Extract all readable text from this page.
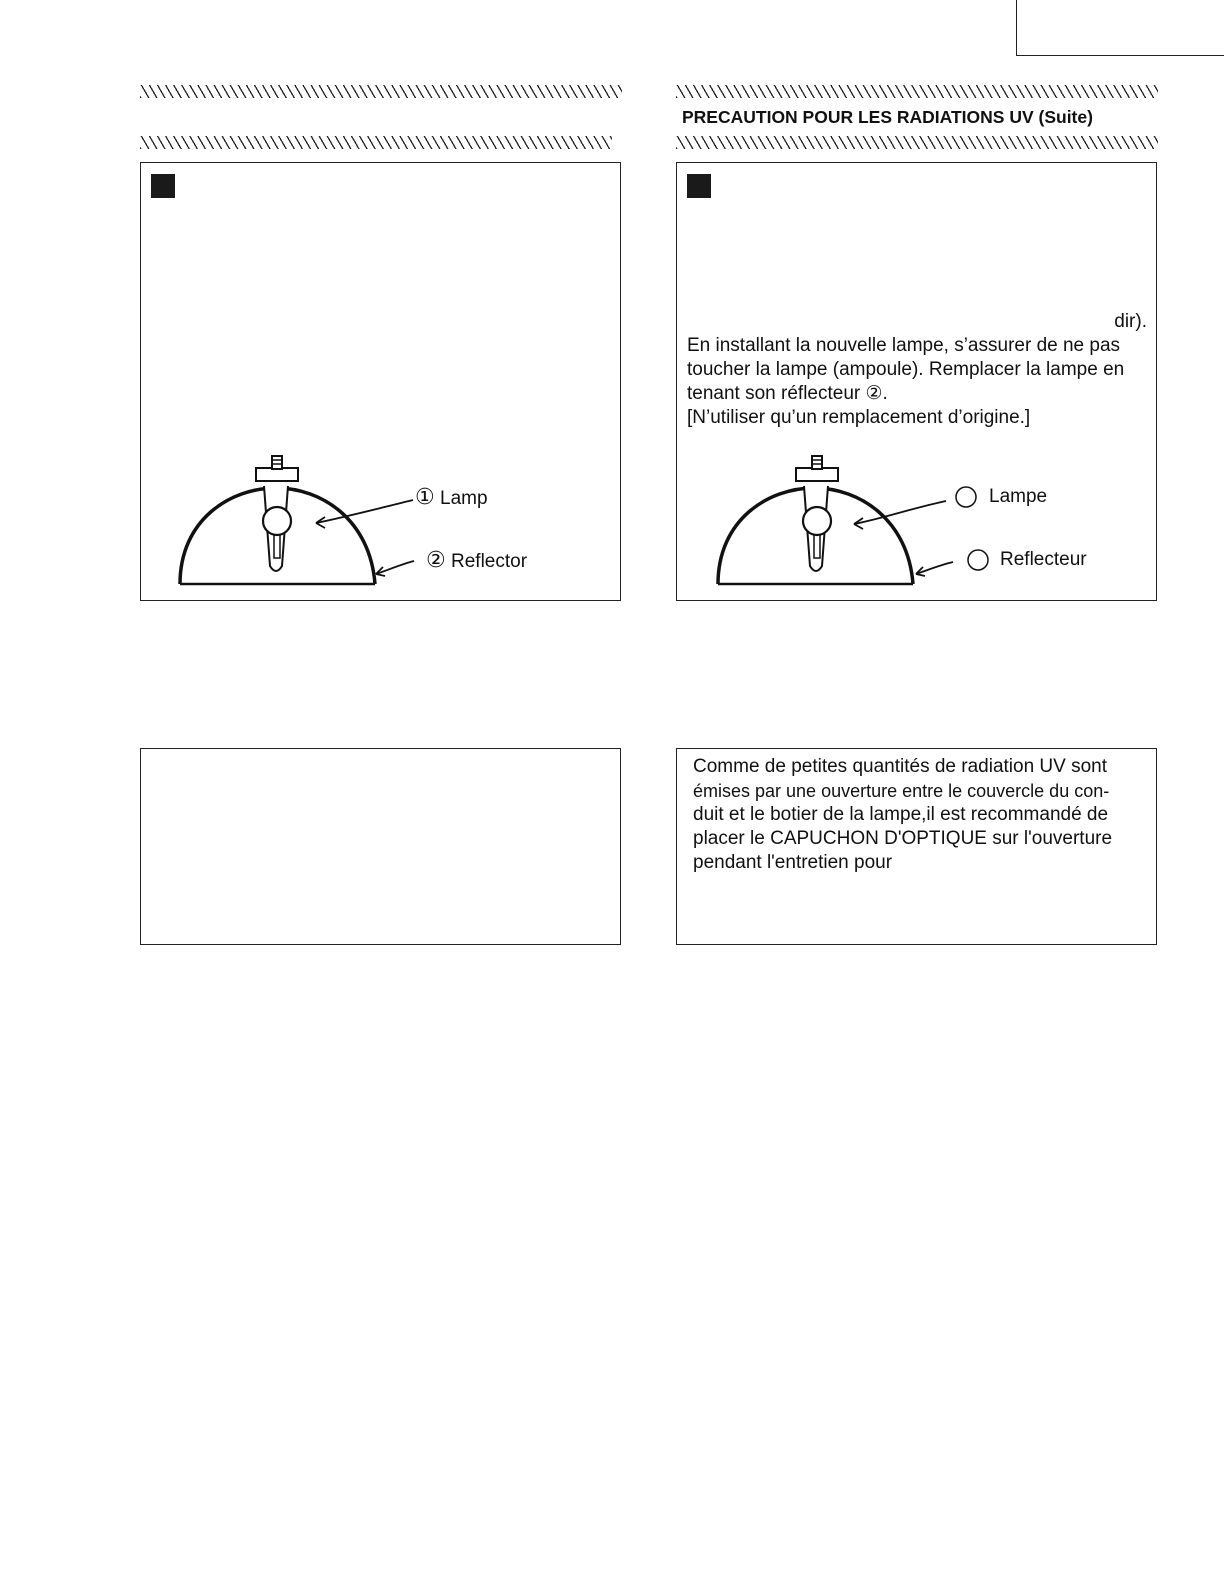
PRECAUTION POUR LES RADIATIONS UV (Suite)
① Lamp
② Reflector
dir).
En installant la nouvelle lampe, s’assurer de ne pas
toucher la lampe (ampoule). Remplacer la lampe en
tenant son réflecteur ②.
[N’utiliser qu’un remplacement d’origine.]
Lampe
Reflecteur
Comme de petites quantités de radiation UV sont
émises par une ouverture entre le couvercle du con-
duit et le botier de la lampe,il est recommandé de
placer le CAPUCHON D'OPTIQUE sur l'ouverture
pendant l'entretien pour
